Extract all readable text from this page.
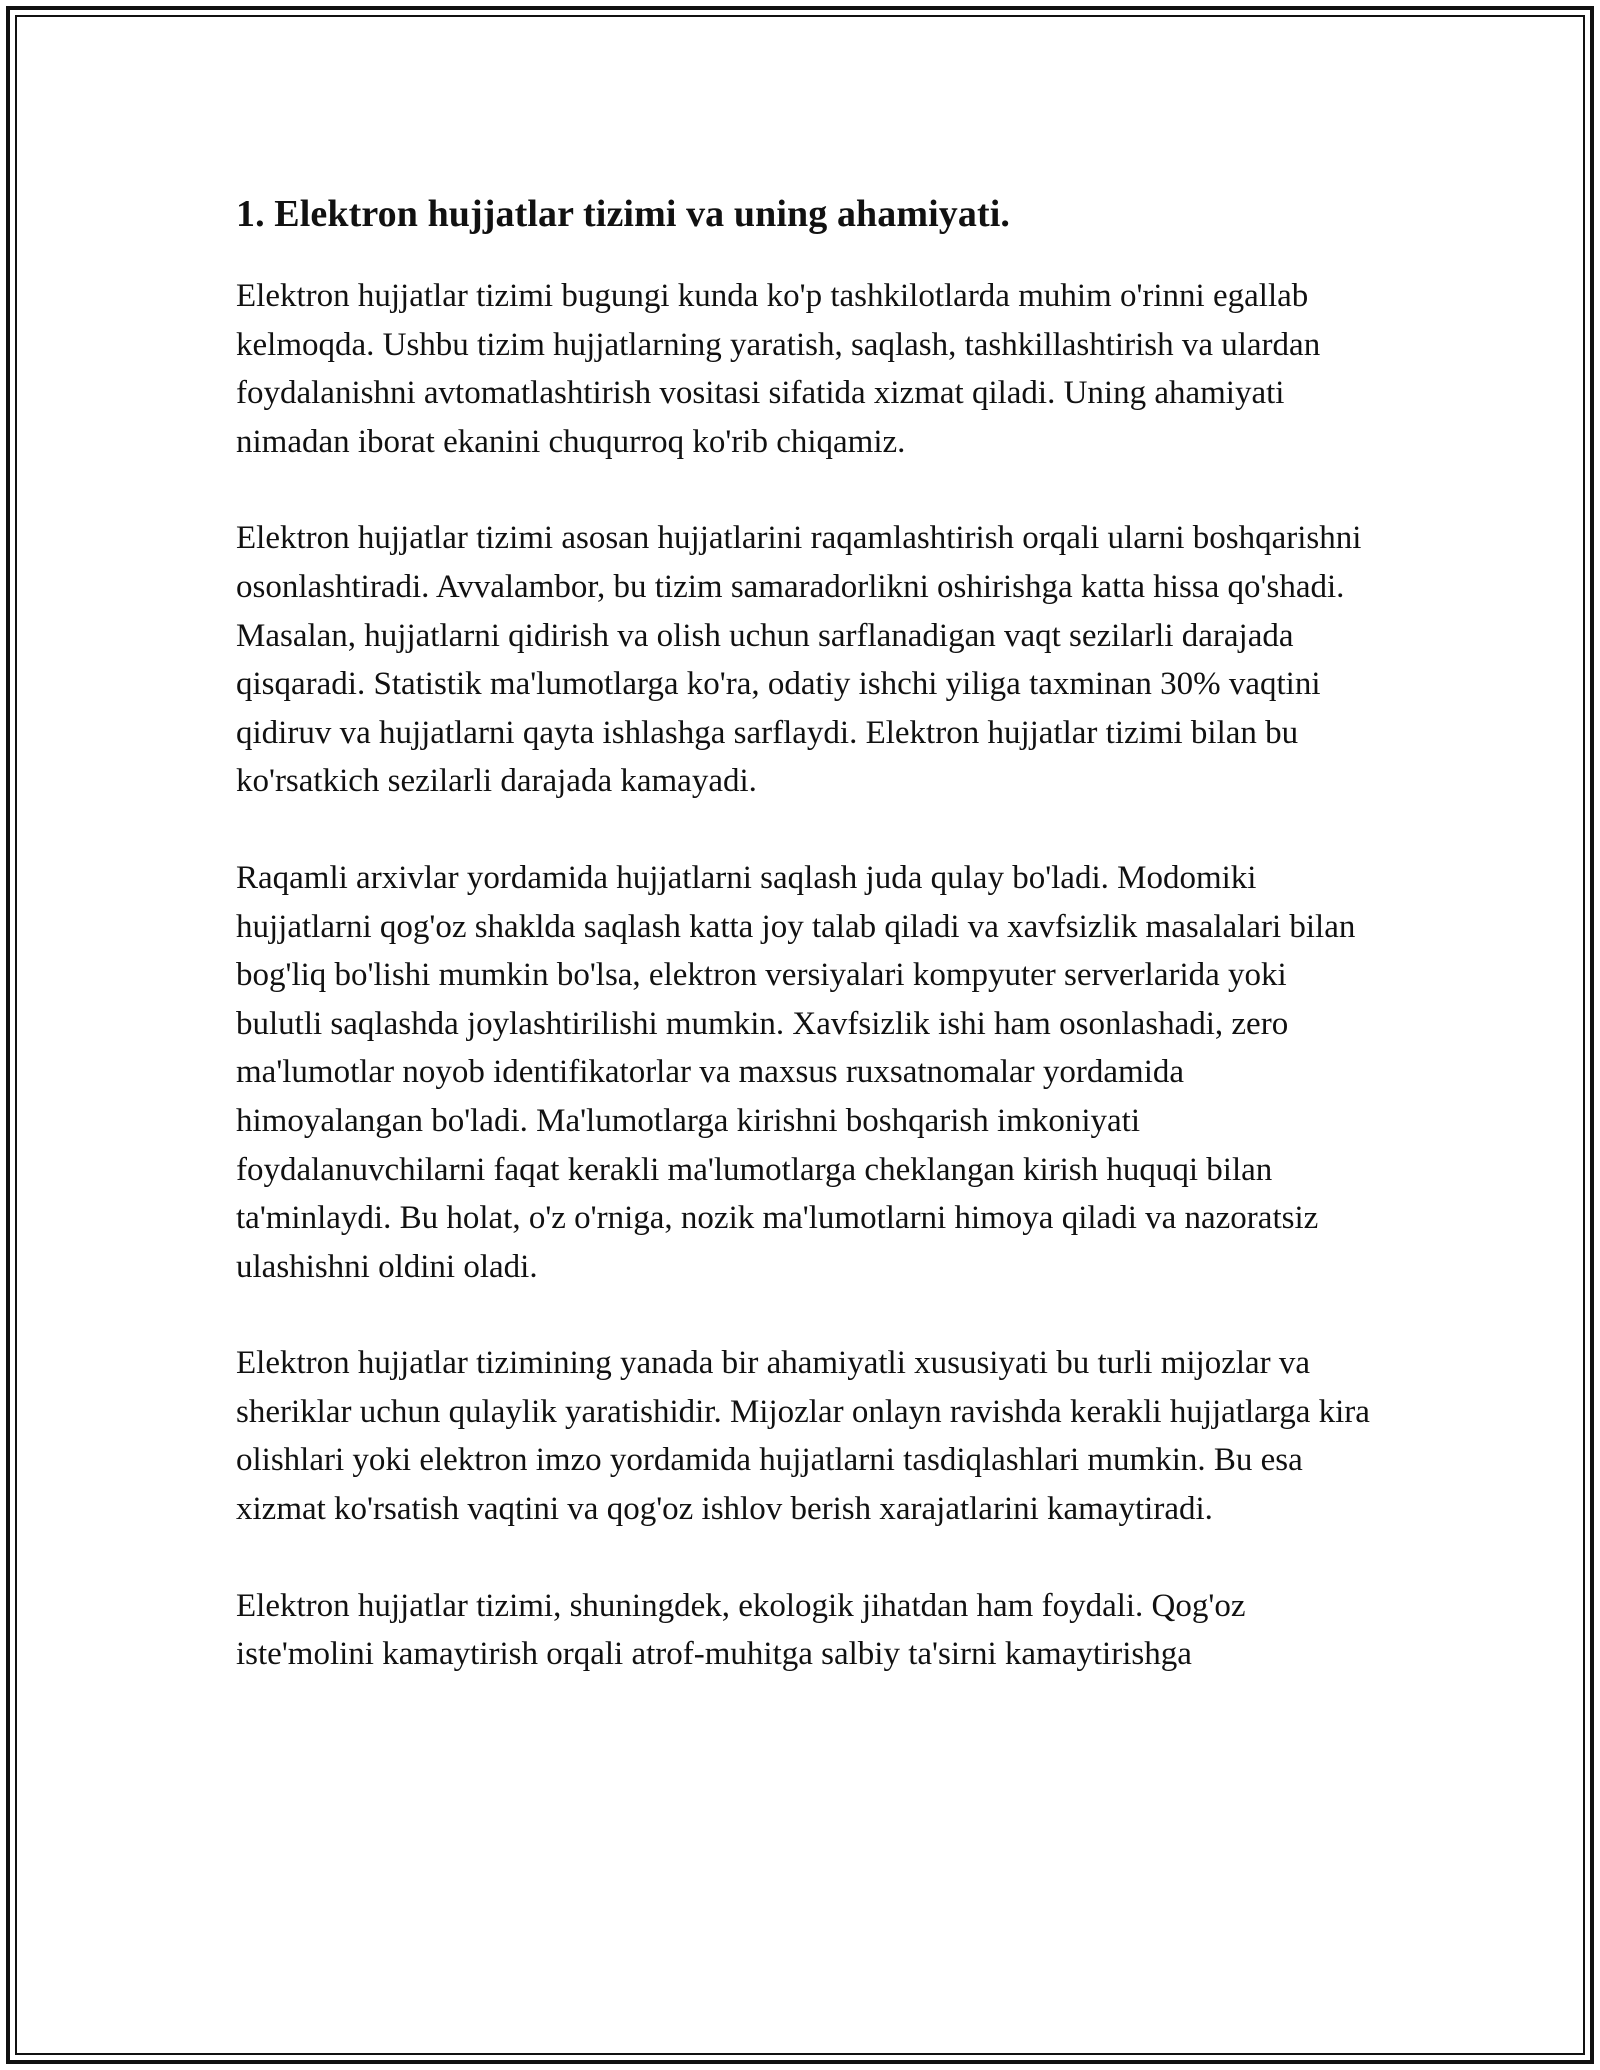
1. Elektron hujjatlar tizimi va uning ahamiyati.

Elektron hujjatlar tizimi bugungi kunda ko'p tashkilotlarda muhim o'rinni egallab kelmoqda. Ushbu tizim hujjatlarning yaratish, saqlash, tashkillashtirish va ulardan foydalanishni avtomatlashtirish vositasi sifatida xizmat qiladi. Uning ahamiyati nimadan iborat ekanini chuqurroq ko'rib chiqamiz.

Elektron hujjatlar tizimi asosan hujjatlarini raqamlashtirish orqali ularni boshqarishni osonlashtiradi. Avvalambor, bu tizim samaradorlikni oshirishga katta hissa qo'shadi. Masalan, hujjatlarni qidirish va olish uchun sarflanadigan vaqt sezilarli darajada qisqaradi. Statistik ma'lumotlarga ko'ra, odatiy ishchi yiliga taxminan 30% vaqtini qidiruv va hujjatlarni qayta ishlashga sarflaydi. Elektron hujjatlar tizimi bilan bu ko'rsatkich sezilarli darajada kamayadi.

Raqamli arxivlar yordamida hujjatlarni saqlash juda qulay bo'ladi. Modomiki hujjatlarni qog'oz shaklda saqlash katta joy talab qiladi va xavfsizlik masalalari bilan bog'liq bo'lishi mumkin bo'lsa, elektron versiyalari kompyuter serverlarida yoki bulutli saqlashda joylashtirilishi mumkin. Xavfsizlik ishi ham osonlashadi, zero ma'lumotlar noyob identifikatorlar va maxsus ruxsatnomalar yordamida himoyalangan bo'ladi. Ma'lumotlarga kirishni boshqarish imkoniyati foydalanuvchilarni faqat kerakli ma'lumotlarga cheklangan kirish huquqi bilan ta'minlaydi. Bu holat, o'z o'rniga, nozik ma'lumotlarni himoya qiladi va nazoratsiz ulashishni oldini oladi.

Elektron hujjatlar tizimining yanada bir ahamiyatli xususiyati bu turli mijozlar va sheriklar uchun qulaylik yaratishidir. Mijozlar onlayn ravishda kerakli hujjatlarga kira olishlari yoki elektron imzo yordamida hujjatlarni tasdiqlashlari mumkin. Bu esa xizmat ko'rsatish vaqtini va qog'oz ishlov berish xarajatlarini kamaytiradi.

Elektron hujjatlar tizimi, shuningdek, ekologik jihatdan ham foydali. Qog'oz iste'molini kamaytirish orqali atrof-muhitga salbiy ta'sirni kamaytirishga
